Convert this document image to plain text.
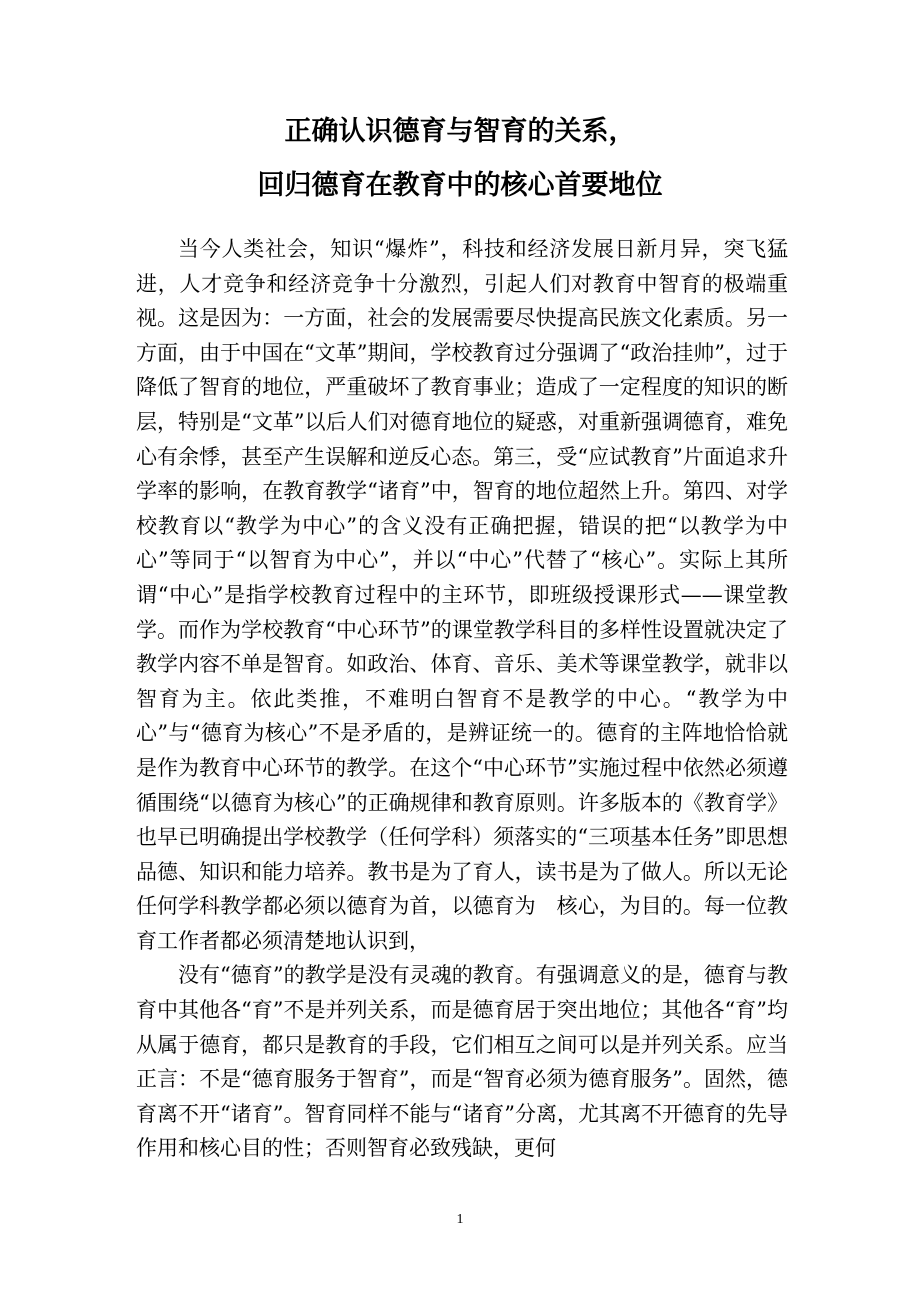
正确认识德育与智育的关系，
回归德育在教育中的核心首要地位

当今人类社会，知识“爆炸”，科技和经济发展日新月异，突飞猛进，人才竞争和经济竞争十分激烈，引起人们对教育中智育的极端重视。这是因为：一方面，社会的发展需要尽快提高民族文化素质。另一方面，由于中国在“文革”期间，学校教育过分强调了“政治挂帅”，过于降低了智育的地位，严重破坏了教育事业；造成了一定程度的知识的断层，特别是“文革”以后人们对德育地位的疑惑，对重新强调德育，难免心有余悸，甚至产生误解和逆反心态。第三，受“应试教育”片面追求升学率的影响，在教育教学“诸育”中，智育的地位超然上升。第四、对学校教育以“教学为中心”的含义没有正确把握，错误的把“以教学为中心”等同于“以智育为中心”，并以“中心”代替了“核心”。实际上其所谓“中心”是指学校教育过程中的主环节，即班级授课形式——课堂教学。而作为学校教育“中心环节”的课堂教学科目的多样性设置就决定了教学内容不单是智育。如政治、体育、音乐、美术等课堂教学，就非以智育为主。依此类推，不难明白智育不是教学的中心。“教学为中心”与“德育为核心”不是矛盾的，是辨证统一的。德育的主阵地恰恰就是作为教育中心环节的教学。在这个“中心环节”实施过程中依然必须遵循围绕“以德育为核心”的正确规律和教育原则。许多版本的《教育学》也早已明确提出学校教学（任何学科）须落实的“三项基本任务”即思想品德、知识和能力培养。教书是为了育人，读书是为了做人。所以无论任何学科教学都必须以德育为首，以德育为　核心，为目的。每一位教育工作者都必须清楚地认识到，

没有“德育”的教学是没有灵魂的教育。有强调意义的是，德育与教育中其他各“育”不是并列关系，而是德育居于突出地位；其他各“育”均从属于德育，都只是教育的手段，它们相互之间可以是并列关系。应当正言：不是“德育服务于智育”，而是“智育必须为德育服务”。固然，德育离不开“诸育”。智育同样不能与“诸育”分离，尤其离不开德育的先导作用和核心目的性；否则智育必致残缺，更何

1
